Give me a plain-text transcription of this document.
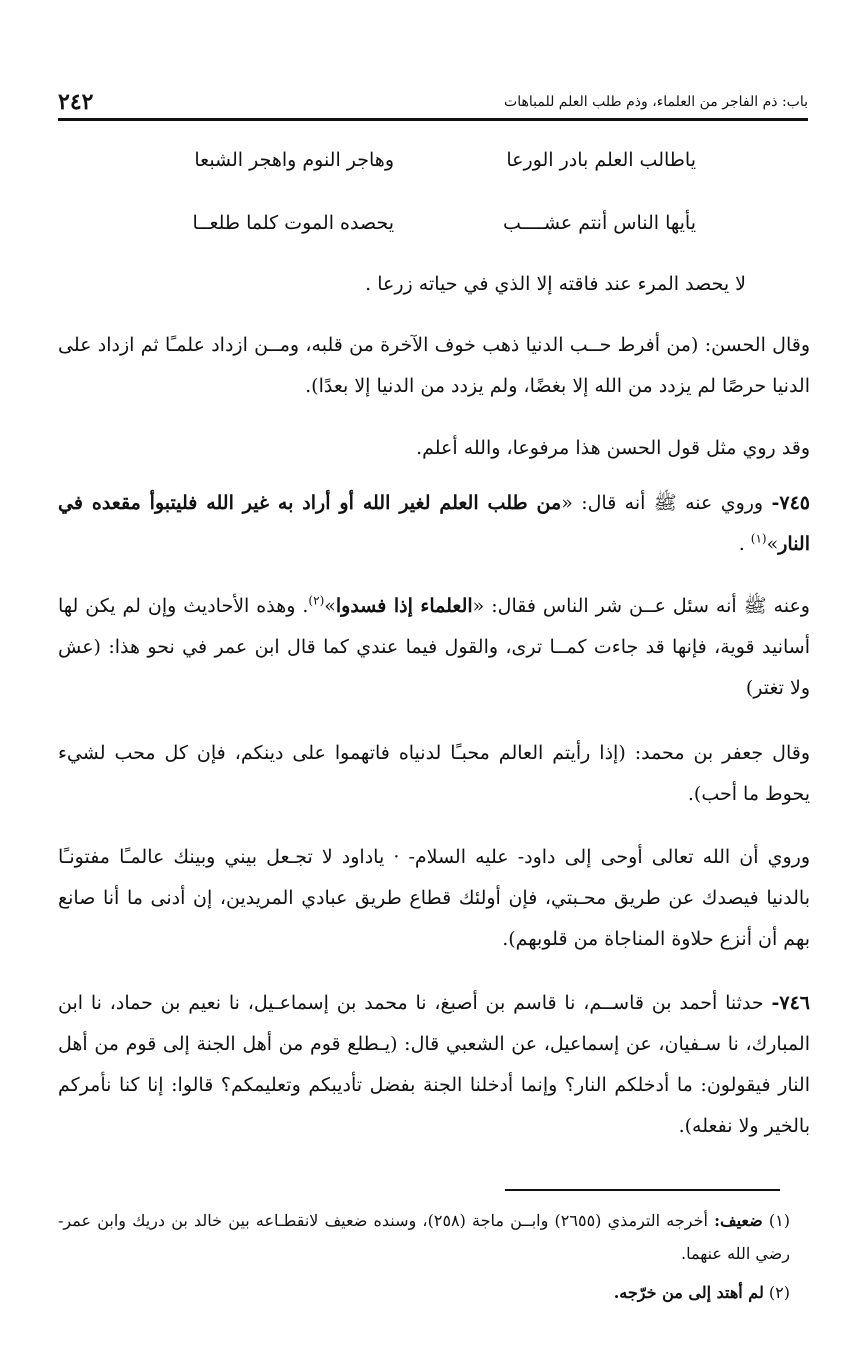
باب: ذم الفاجر من العلماء، وذم طلب العلم للمباهات
٢٤٢
ياطالب العلم بادر الورعا
وهاجر النوم واهجر الشبعا
يأيها الناس أنتم عشــــب
يحصده الموت كلما طلعــا
لا يحصد المرء عند فاقته إلا الذي في حياته زرعا .

وقال الحسن: (من أفرط حــب الدنيا ذهب خوف الآخرة من قلبه، ومــن ازداد علمـًا ثم ازداد على الدنيا حرصًا لم يزدد من الله إلا بغضًا، ولم يزدد من الدنيا إلا بعدًا).

وقد روي مثل قول الحسن هذا مرفوعا، والله أعلم.

٧٤٥- وروي عنه ﷺ أنه قال: «من طلب العلم لغير الله أو أراد به غير الله فليتبوأ مقعده في النار»$^{(١)}$ .

وعنه ﷺ أنه سئل عــن شر الناس فقال: «العلماء إذا فسدوا»$^{(٢)}$. وهذه الأحاديث وإن لم يكن لها أسانيد قوية، فإنها قد جاءت كمــا ترى، والقول فيما عندي كما قال ابن عمر في نحو هذا: (عش ولا تغتر)

وقال جعفر بن محمد: (إذا رأيتم العالم محبـًا لدنياه فاتهموا على دينكم، فإن كل محب لشيء يحوط ما أحب).

وروي أن الله تعالى أوحى إلى داود- عليه السلام- · ياداود لا تجـعل بيني وبينك عالمـًا مفتونـًا بالدنيا فيصدك عن طريق محـبتي، فإن أولئك قطاع طريق عبادي المريدين، إن أدنى ما أنا صانع بهم أن أنزع حلاوة المناجاة من قلوبهم).

٧٤٦- حدثنا أحمد بن قاســم، نا قاسم بن أصبغ، نا محمد بن إسماعـيل، نا نعيم بن حماد، نا ابن المبارك، نا سـفيان، عن إسماعيل، عن الشعبي قال: (يـطلع قوم من أهل الجنة إلى قوم من أهل النار فيقولون: ما أدخلكم النار؟ وإنما أدخلنا الجنة بفضل تأديبكم وتعليمكم؟ قالوا: إنا كنا نأمركم بالخير ولا نفعله).

(١) ضعيف: أخرجه الترمذي (٢٦٥٥) وابــن ماجة (٢٥٨)، وسنده ضعيف لانقطـاعه بين خالد بن دريك وابن عمر- رضي الله عنهما.

(٢) لم أهتد إلى من خرّجه.
